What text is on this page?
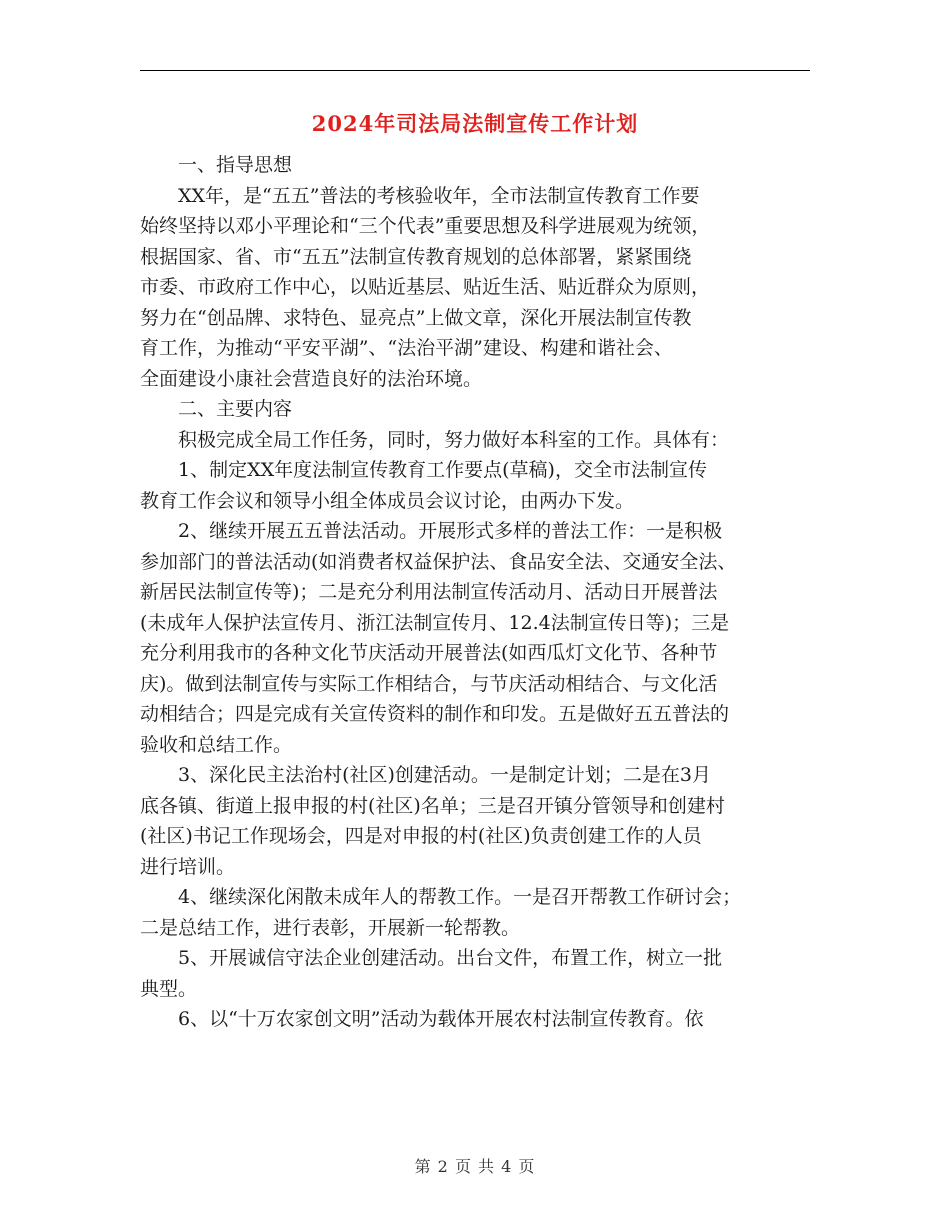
2024年司法局法制宣传工作计划

一、指导思想

XX年，是“五五”普法的考核验收年，全市法制宣传教育工作要

始终坚持以邓小平理论和“三个代表”重要思想及科学进展观为统领，

根据国家、省、市“五五”法制宣传教育规划的总体部署，紧紧围绕

市委、市政府工作中心，以贴近基层、贴近生活、贴近群众为原则，

努力在“创品牌、求特色、显亮点”上做文章，深化开展法制宣传教

育工作，为推动“平安平湖”、“法治平湖”建设、构建和谐社会、

全面建设小康社会营造良好的法治环境。

二、主要内容

积极完成全局工作任务，同时，努力做好本科室的工作。具体有：

1、制定XX年度法制宣传教育工作要点(草稿)，交全市法制宣传

教育工作会议和领导小组全体成员会议讨论，由两办下发。

2、继续开展五五普法活动。开展形式多样的普法工作：一是积极

参加部门的普法活动(如消费者权益保护法、食品安全法、交通安全法、

新居民法制宣传等)；二是充分利用法制宣传活动月、活动日开展普法

(未成年人保护法宣传月、浙江法制宣传月、12.4法制宣传日等)；三是

充分利用我市的各种文化节庆活动开展普法(如西瓜灯文化节、各种节

庆)。做到法制宣传与实际工作相结合，与节庆活动相结合、与文化活

动相结合；四是完成有关宣传资料的制作和印发。五是做好五五普法的

验收和总结工作。

3、深化民主法治村(社区)创建活动。一是制定计划；二是在3月

底各镇、街道上报申报的村(社区)名单；三是召开镇分管领导和创建村

(社区)书记工作现场会，四是对申报的村(社区)负责创建工作的人员

进行培训。

4、继续深化闲散未成年人的帮教工作。一是召开帮教工作研讨会；

二是总结工作，进行表彰，开展新一轮帮教。

5、开展诚信守法企业创建活动。出台文件，布置工作，树立一批

典型。

6、以“十万农家创文明”活动为载体开展农村法制宣传教育。依

第 2 页 共 4 页
